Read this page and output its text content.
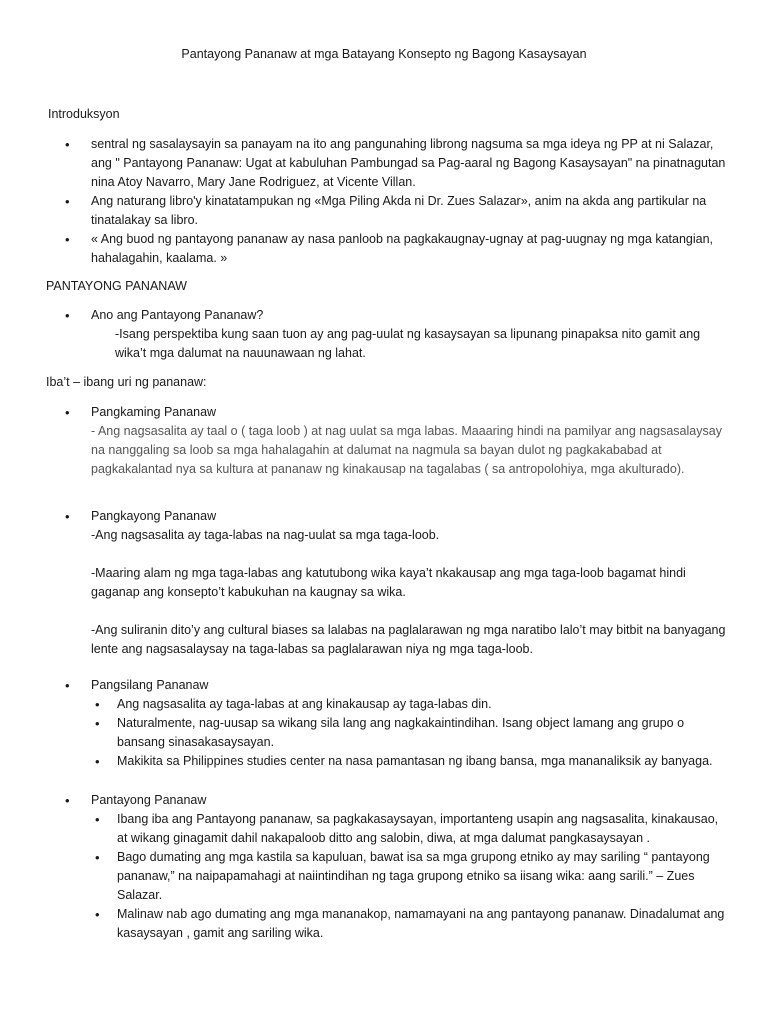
Pantayong Pananaw at mga Batayang Konsepto ng Bagong Kasaysayan
Introduksyon
• sentral ng sasalaysayin sa panayam na ito ang pangunahing librong nagsuma sa mga ideya ng PP at ni Salazar, ang " Pantayong Pananaw: Ugat at kabuluhan Pambungad sa Pag-aaral ng Bagong Kasaysayan" na pinatnagutan nina Atoy Navarro, Mary Jane Rodriguez, at Vicente Villan.
• Ang naturang libro'y kinatatampukan ng «Mga Piling Akda ni Dr. Zues Salazar», anim na akda ang partikular na tinatalakay sa libro.
• « Ang buod ng pantayong pananaw ay nasa panloob na pagkakaugnay-ugnay at pag-uugnay ng mga katangian, hahalagahin, kaalama. »
PANTAYONG PANANAW
• Ano ang Pantayong Pananaw?
-Isang perspektiba kung saan tuon ay ang pag-uulat ng kasaysayan sa lipunang pinapaksa nito gamit ang wika’t mga dalumat na nauunawaan ng lahat.
Iba’t – ibang uri ng pananaw:
• Pangkaming Pananaw
- Ang nagsasalita ay taal o ( taga loob ) at nag uulat sa mga labas. Maaaring hindi na pamilyar ang nagsasalaysay na nanggaling sa loob sa mga hahalagahin at dalumat na nagmula sa bayan dulot ng pagkakababad at pagkakalantad nya sa kultura at pananaw ng kinakausap na tagalabas ( sa antropolohiya, mga akulturado).
• Pangkayong Pananaw
-Ang nagsasalita ay taga-labas na nag-uulat sa mga taga-loob.
-Maaring alam ng mga taga-labas ang katutubong wika kaya’t nkakausap ang mga taga-loob bagamat hindi gaganap ang konsepto’t kabukuhan na kaugnay sa wika.
-Ang suliranin dito’y ang cultural biases sa lalabas na paglalarawan ng mga naratibo lalo’t may bitbit na banyagang lente ang nagsasalaysay na taga-labas sa paglalarawan niya ng mga taga-loob.
• Pangsilang Pananaw
• Ang nagsasalita ay taga-labas at ang kinakausap ay taga-labas din.
• Naturalmente, nag-uusap sa wikang sila lang ang nagkakaintindihan. Isang object lamang ang grupo o bansang sinasakasaysayan.
• Makikita sa Philippines studies center na nasa pamantasan ng ibang bansa, mga mananaliksik ay banyaga.
• Pantayong Pananaw
• Ibang iba ang Pantayong pananaw, sa pagkakasaysayan, importanteng usapin ang nagsasalita, kinakausao, at wikang ginagamit dahil nakapaloob ditto ang salobin, diwa, at mga dalumat pangkasaysayan .
• Bago dumating ang mga kastila sa kapuluan, bawat isa sa mga grupong etniko ay may sariling “ pantayong pananaw,” na naipapamahagi at naiintindihan ng taga grupong etniko sa iisang wika: aang sarili.” – Zues Salazar.
• Malinaw nab ago dumating ang mga mananakop, namamayani na ang pantayong pananaw. Dinadalumat ang kasaysayan , gamit ang sariling wika.
